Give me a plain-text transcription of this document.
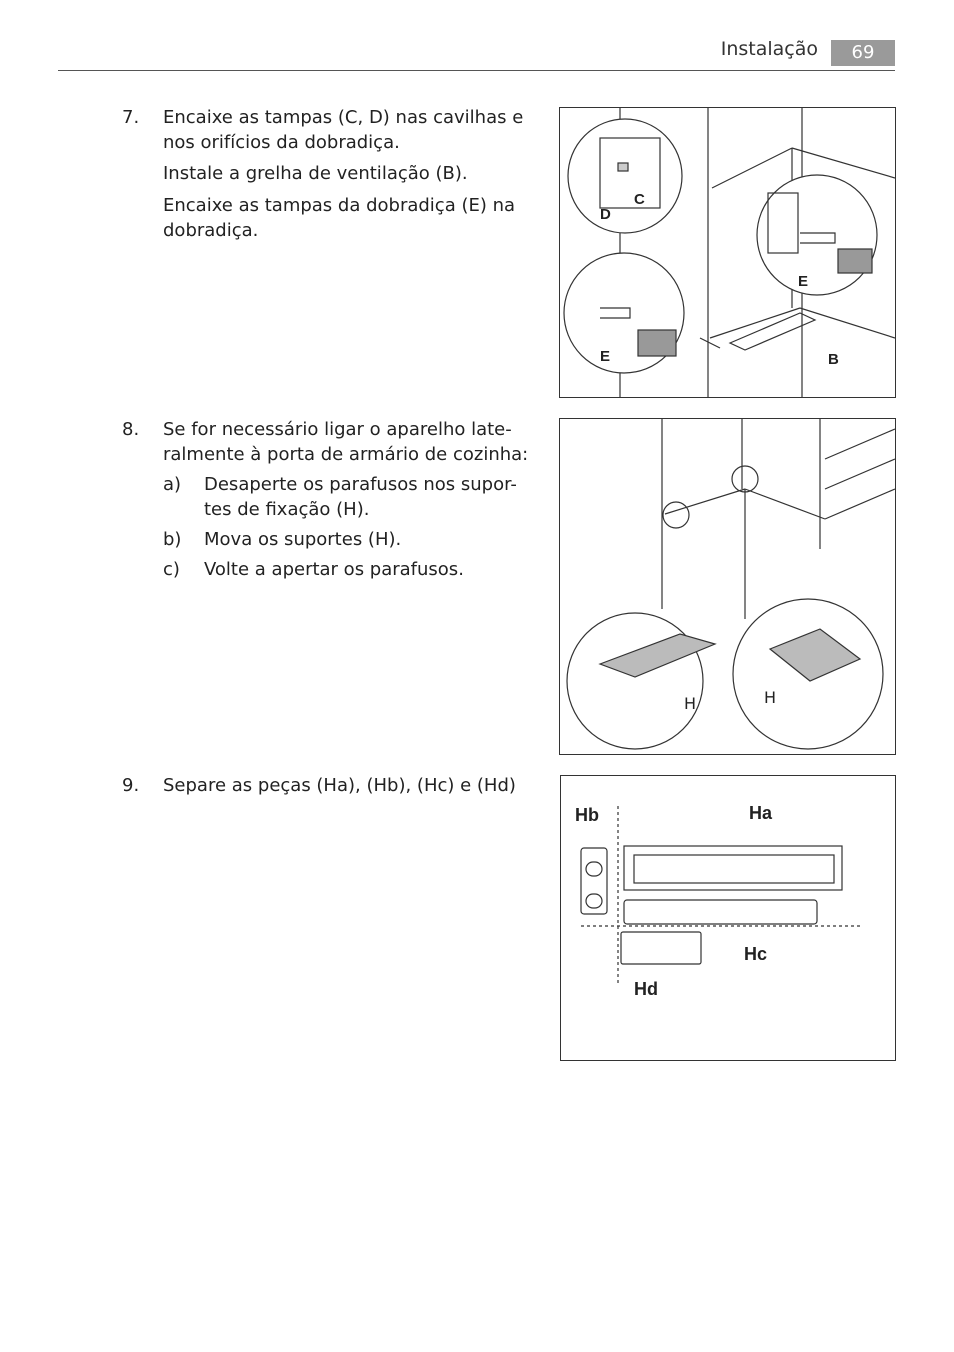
Instalação	69
7. Encaixe as tampas (C, D) nas cavilhas e
nos orifícios da dobradiça.
Instale a grelha de ventilação (B).
Encaixe as tampas da dobradiça (E) na
dobradiça.
8. Se for necessário ligar o aparelho late-
ralmente à porta de armário de cozinha:
a) Desaperte os parafusos nos supor-
tes de fixação (H).
b) Mova os suportes (H).
c) Volte a apertar os parafusos.
9. Separe as peças (Ha), (Hb), (Hc) e (Hd)
C
D
E
E	B
H	H
Ha
Hb
Hc
Hd
